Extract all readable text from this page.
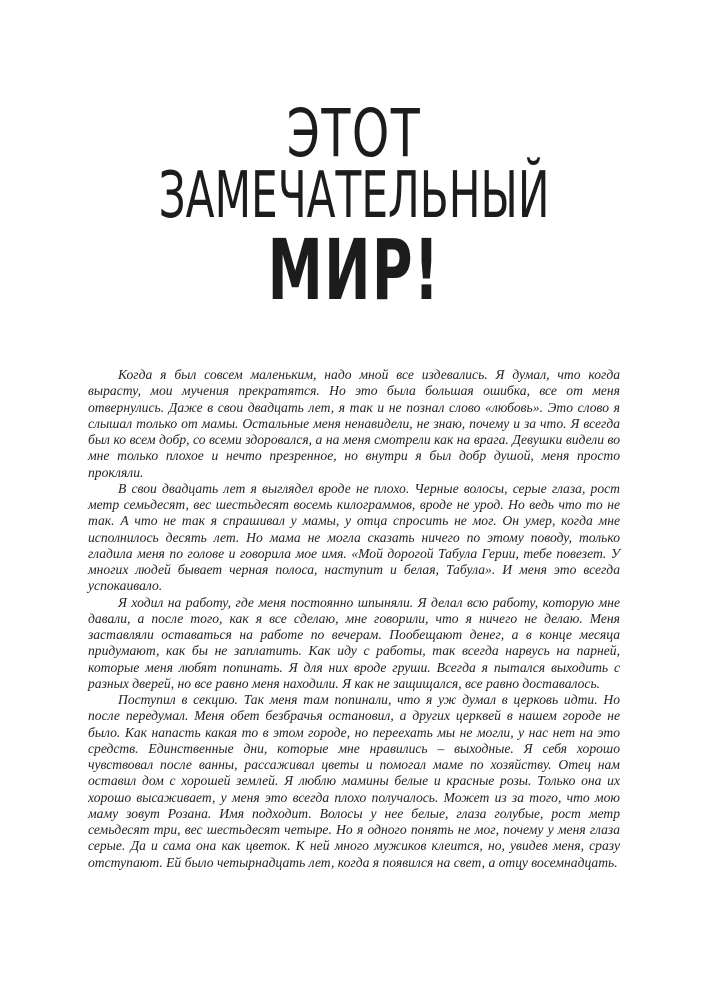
ЭТОТ
ЗАМЕЧАТЕЛЬНЫЙ
МИР!

Когда я был совсем маленьким, надо мной все издевались. Я думал, что когда вырасту, мои мучения прекратятся. Но это была большая ошибка, все от меня отвернулись. Даже в свои двадцать лет, я так и не познал слово «любовь». Это слово я слышал только от мамы. Остальные меня ненавидели, не знаю, почему и за что. Я всегда был ко всем добр, со всеми здоровался, а на меня смотрели как на врага. Девушки видели во мне только плохое и нечто презренное, но внутри я был добр душой, меня просто прокляли.

В свои двадцать лет я выглядел вроде не плохо. Черные волосы, серые глаза, рост метр семьдесят, вес шестьдесят восемь килограммов, вроде не урод. Но ведь что то не так. А что не так я спрашивал у мамы, у отца спросить не мог. Он умер, когда мне исполнилось десять лет. Но мама не могла сказать ничего по этому поводу, только гладила меня по голове и говорила мое имя. «Мой дорогой Табула Герии, тебе повезет. У многих людей бывает черная полоса, наступит и белая, Табула». И меня это всегда успокаивало.

Я ходил на работу, где меня постоянно шпыняли. Я делал всю работу, которую мне давали, а после того, как я все сделаю, мне говорили, что я ничего не делаю. Меня заставляли оставаться на работе по вечерам. Пообещают денег, а в конце месяца придумают, как бы не заплатить. Как иду с работы, так всегда нарвусь на парней, которые меня любят попинать. Я для них вроде груши. Всегда я пытался выходить с разных дверей, но все равно меня находили. Я как не защищался, все равно доставалось.

Поступил в секцию. Так меня там попинали, что я уж думал в церковь идти. Но после передумал. Меня обет безбрачья остановил, а других церквей в нашем городе не было. Как напасть какая то в этом городе, но переехать мы не могли, у нас нет на это средств. Единственные дни, которые мне нравились – выходные. Я себя хорошо чувствовал после ванны, рассаживал цветы и помогал маме по хозяйству. Отец нам оставил дом с хорошей землей. Я люблю мамины белые и красные розы. Только она их хорошо высаживает, у меня это всегда плохо получалось. Может из за того, что мою маму зовут Розана. Имя подходит. Волосы у нее белые, глаза голубые, рост метр семьдесят три, вес шестьдесят четыре. Но я одного понять не мог, почему у меня глаза серые. Да и сама она как цветок. К ней много мужиков клеится, но, увидев меня, сразу отступают. Ей было четырнадцать лет, когда я появился на свет, а отцу восемнадцать.
